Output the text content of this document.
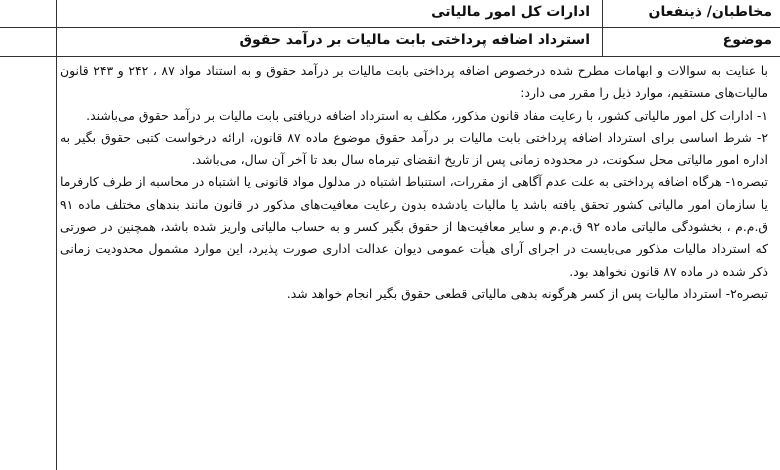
مخاطبان/ ذینفعان
ادارات کل امور مالیاتی
موضوع
استرداد اضافه پرداختی بابت مالیات بر درآمد حقوق

با عنایت به سوالات و ابهامات مطرح شده درخصوص اضافه پرداختی بابت مالیات بر درآمد حقوق و به استناد مواد ۸۷ ، ۲۴۲ و ۲۴۳ قانون مالیات‌های مستقیم، موارد ذیل را مقرر می دارد:

۱- ادارات کل امور مالیاتی کشور، با رعایت مفاد قانون مذکور، مکلف به استرداد اضافه دریافتی بابت مالیات بر درآمد حقوق می‌باشند.

۲- شرط اساسی برای استرداد اضافه پرداختی بابت مالیات بر درآمد حقوق موضوع ماده ۸۷ قانون، ارائه درخواست کتبی حقوق بگیر به اداره امور مالیاتی محل سکونت، در محدوده زمانی پس از تاریخ انقضای تیرماه سال بعد تا آخر آن سال، می‌باشد.

تبصره۱- هرگاه اضافه پرداختی به علت عدم آگاهی از مقررات، استنباط اشتباه در مدلول مواد قانونی یا اشتباه در محاسبه از طرف کارفرما یا سازمان امور مالیاتی کشور تحقق یافته باشد یا مالیات یادشده بدون رعایت معافیت‌های مذکور در قانون مانند بندهای مختلف ماده ۹۱ ق.م.م ، بخشودگی مالیاتی ماده ۹۲ ق.م.م و سایر معافیت‌ها از حقوق بگیر کسر و به حساب مالیاتی واریز شده باشد، همچنین در صورتی که استرداد مالیات مذکور می‌بایست در اجرای آرای هیأت عمومی دیوان عدالت اداری صورت پذیرد، این موارد مشمول محدودیت زمانی ذکر شده در ماده ۸۷ قانون نخواهد بود.

تبصره۲- استرداد مالیات پس از کسر هرگونه بدهی مالیاتی قطعی حقوق بگیر انجام خواهد شد.
